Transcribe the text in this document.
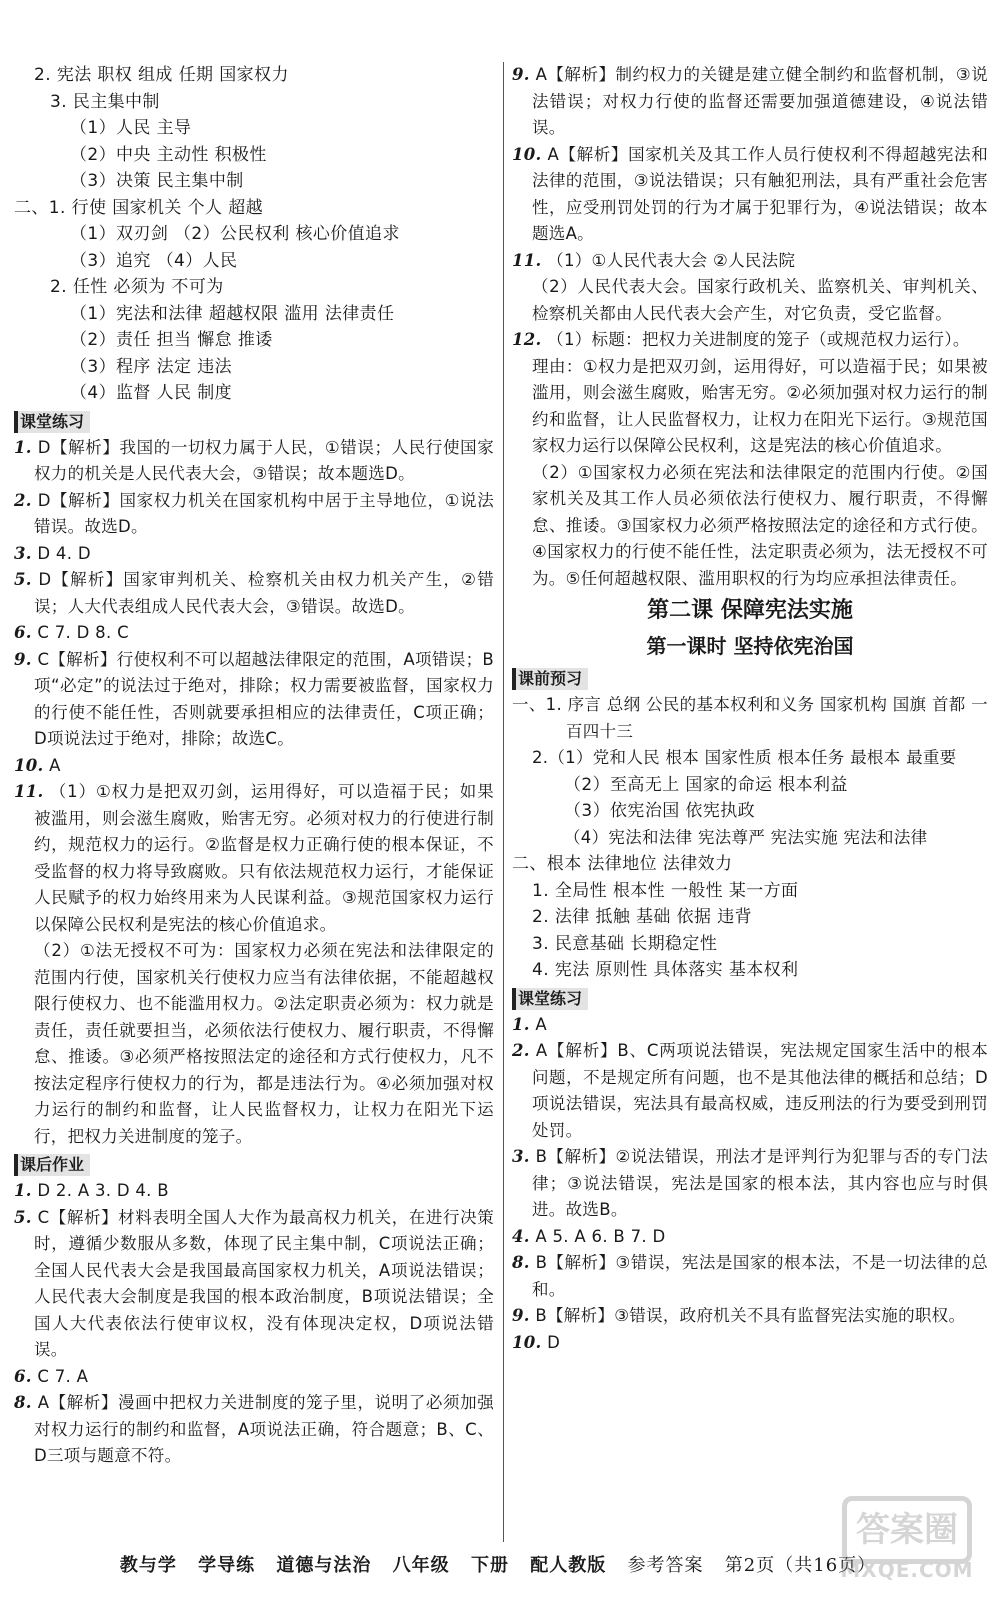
2. 宪法 职权 组成 任期 国家权力
3. 民主集中制
（1）人民 主导
（2）中央 主动性 积极性
（3）决策 民主集中制
二、1. 行使 国家机关 个人 超越
（1）双刃剑 （2）公民权利 核心价值追求
（3）追究 （4）人民
2. 任性 必须为 不可为
（1）宪法和法律 超越权限 滥用 法律责任
（2）责任 担当 懈怠 推诿
（3）程序 法定 违法
（4）监督 人民 制度
课堂练习
1. D【解析】我国的一切权力属于人民，①错误；人民行使国家权力的机关是人民代表大会，③错误；故本题选D。
2. D【解析】国家权力机关在国家机构中居于主导地位，①说法错误。故选D。
3. D 4. D
5. D【解析】国家审判机关、检察机关由权力机关产生，②错误；人大代表组成人民代表大会，③错误。故选D。
6. C 7. D 8. C
9. C【解析】行使权利不可以超越法律限定的范围，A项错误；B项“必定”的说法过于绝对，排除；权力需要被监督，国家权力的行使不能任性，否则就要承担相应的法律责任，C项正确；D项说法过于绝对，排除；故选C。
10. A
11. （1）①权力是把双刃剑，运用得好，可以造福于民；如果被滥用，则会滋生腐败，贻害无穷。必须对权力的行使进行制约，规范权力的运行。②监督是权力正确行使的根本保证，不受监督的权力将导致腐败。只有依法规范权力运行，才能保证人民赋予的权力始终用来为人民谋利益。③规范国家权力运行以保障公民权利是宪法的核心价值追求。
（2）①法无授权不可为：国家权力必须在宪法和法律限定的范围内行使，国家机关行使权力应当有法律依据，不能超越权限行使权力、也不能滥用权力。②法定职责必须为：权力就是责任，责任就要担当，必须依法行使权力、履行职责，不得懈怠、推诿。③必须严格按照法定的途径和方式行使权力，凡不按法定程序行使权力的行为，都是违法行为。④必须加强对权力运行的制约和监督，让人民监督权力，让权力在阳光下运行，把权力关进制度的笼子。
课后作业
1. D 2. A 3. D 4. B
5. C【解析】材料表明全国人大作为最高权力机关，在进行决策时，遵循少数服从多数，体现了民主集中制，C项说法正确；全国人民代表大会是我国最高国家权力机关，A项说法错误；人民代表大会制度是我国的根本政治制度，B项说法错误；全国人大代表依法行使审议权，没有体现决定权，D项说法错误。
6. C 7. A
8. A【解析】漫画中把权力关进制度的笼子里，说明了必须加强对权力运行的制约和监督，A项说法正确，符合题意；B、C、D三项与题意不符。
9. A【解析】制约权力的关键是建立健全制约和监督机制，③说法错误；对权力行使的监督还需要加强道德建设，④说法错误。
10. A【解析】国家机关及其工作人员行使权利不得超越宪法和法律的范围，③说法错误；只有触犯刑法，具有严重社会危害性，应受刑罚处罚的行为才属于犯罪行为，④说法错误；故本题选A。
11. （1）①人民代表大会 ②人民法院
（2）人民代表大会。国家行政机关、监察机关、审判机关、检察机关都由人民代表大会产生，对它负责，受它监督。
12. （1）标题：把权力关进制度的笼子（或规范权力运行）。
理由：①权力是把双刃剑，运用得好，可以造福于民；如果被滥用，则会滋生腐败，贻害无穷。②必须加强对权力运行的制约和监督，让人民监督权力，让权力在阳光下运行。③规范国家权力运行以保障公民权利，这是宪法的核心价值追求。
（2）①国家权力必须在宪法和法律限定的范围内行使。②国家机关及其工作人员必须依法行使权力、履行职责，不得懈怠、推诿。③国家权力必须严格按照法定的途径和方式行使。④国家权力的行使不能任性，法定职责必须为，法无授权不可为。⑤任何超越权限、滥用职权的行为均应承担法律责任。
第二课 保障宪法实施
第一课时 坚持依宪治国
课前预习
一、1. 序言 总纲 公民的基本权利和义务 国家机构 国旗 首都 一百四十三
2.（1）党和人民 根本 国家性质 根本任务 最根本 最重要
（2）至高无上 国家的命运 根本利益
（3）依宪治国 依宪执政
（4）宪法和法律 宪法尊严 宪法实施 宪法和法律
二、根本 法律地位 法律效力
1. 全局性 根本性 一般性 某一方面
2. 法律 抵触 基础 依据 违背
3. 民意基础 长期稳定性
4. 宪法 原则性 具体落实 基本权利
课堂练习
1. A
2. A【解析】B、C两项说法错误，宪法规定国家生活中的根本问题，不是规定所有问题，也不是其他法律的概括和总结；D项说法错误，宪法具有最高权威，违反刑法的行为要受到刑罚处罚。
3. B【解析】②说法错误，刑法才是评判行为犯罪与否的专门法律；③说法错误，宪法是国家的根本法，其内容也应与时俱进。故选B。
4. A 5. A 6. B 7. D
8. B【解析】③错误，宪法是国家的根本法，不是一切法律的总和。
9. B【解析】③错误，政府机关不具有监督宪法实施的职权。
10. D
教与学 学导练 道德与法治 八年级 下册 配人教版 参考答案 第2页（共16页）
答案圈
MXQE.COM
